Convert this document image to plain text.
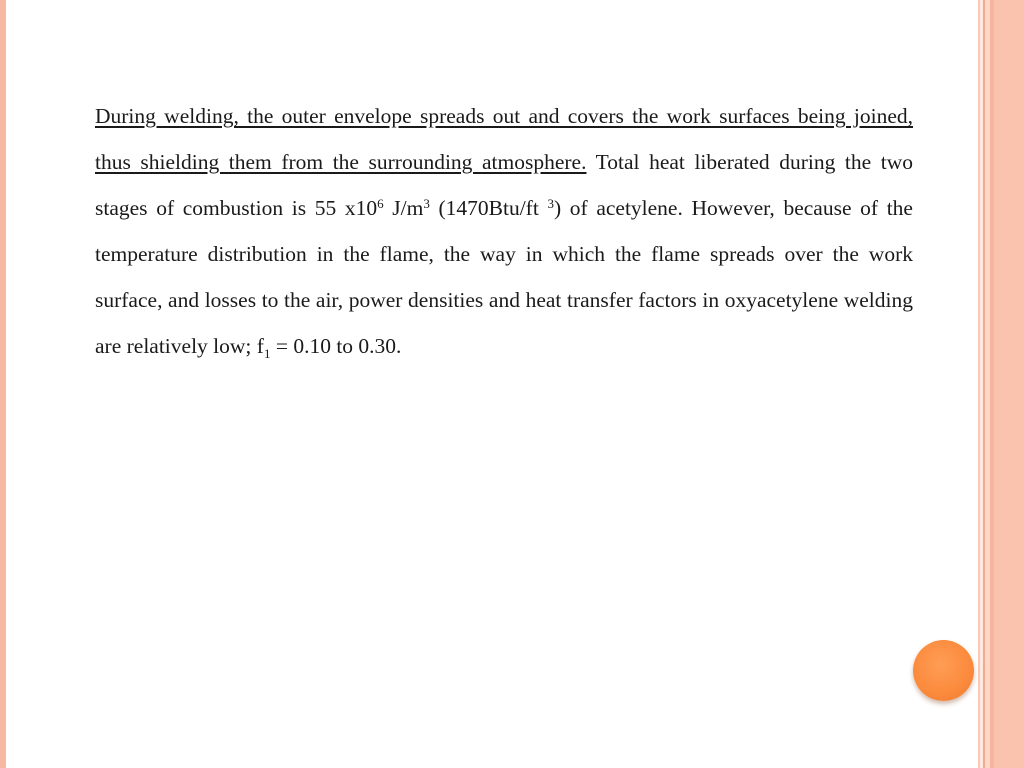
During welding, the outer envelope spreads out and covers the work surfaces being joined, thus shielding them from the surrounding atmosphere. Total heat liberated during the two stages of combustion is 55 $x10^6$ $J/m^3$ (1470Btu/ft $^3$) of acetylene. However, because of the temperature distribution in the flame, the way in which the flame spreads over the work surface, and losses to the air, power densities and heat transfer factors in oxyacetylene welding are relatively low; $f_1 = 0.10$ to 0.30.
